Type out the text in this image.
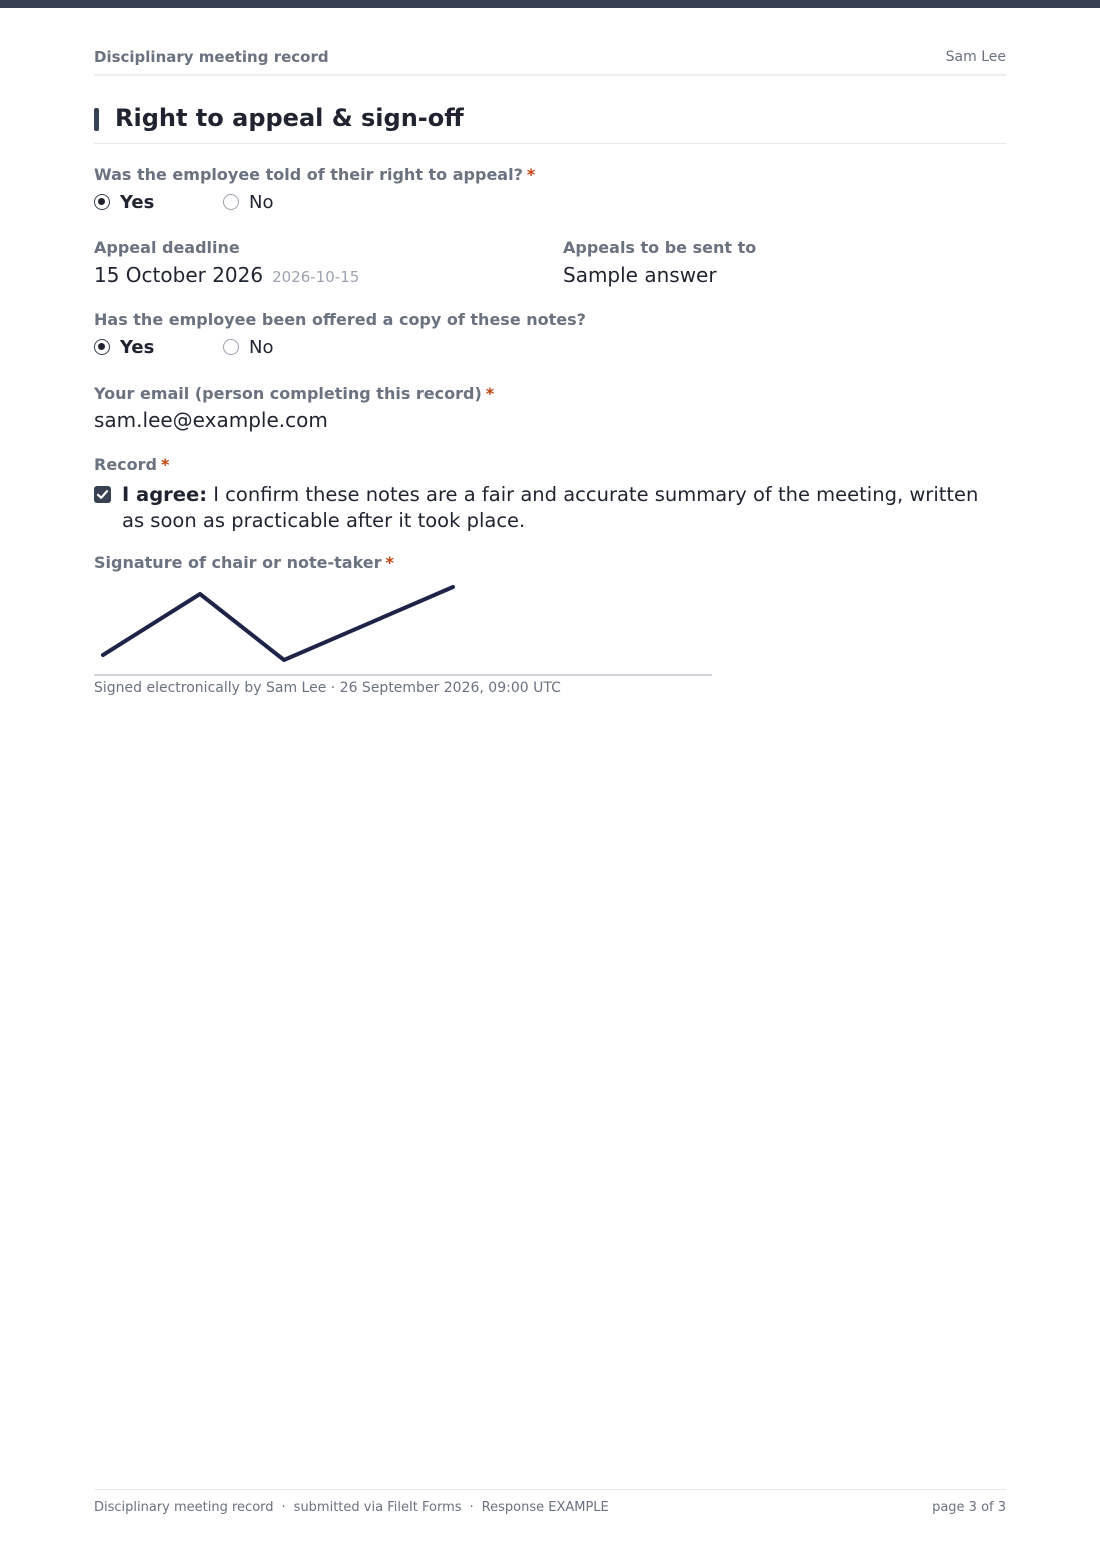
Disciplinary meeting record	Sam Lee
Right to appeal & sign-off
Was the employee told of their right to appeal? *
Yes	No
Appeal deadline
15 October 2026 2026-10-15
Appeals to be sent to
Sample answer
Has the employee been offered a copy of these notes?
Yes	No
Your email (person completing this record) *
sam.lee@example.com
Record *
I agree: I confirm these notes are a fair and accurate summary of the meeting, written as soon as practicable after it took place.
Signature of chair or note-taker *
Signed electronically by Sam Lee · 26 September 2026, 09:00 UTC
Disciplinary meeting record · submitted via FileIt Forms · Response EXAMPLE	page 3 of 3
